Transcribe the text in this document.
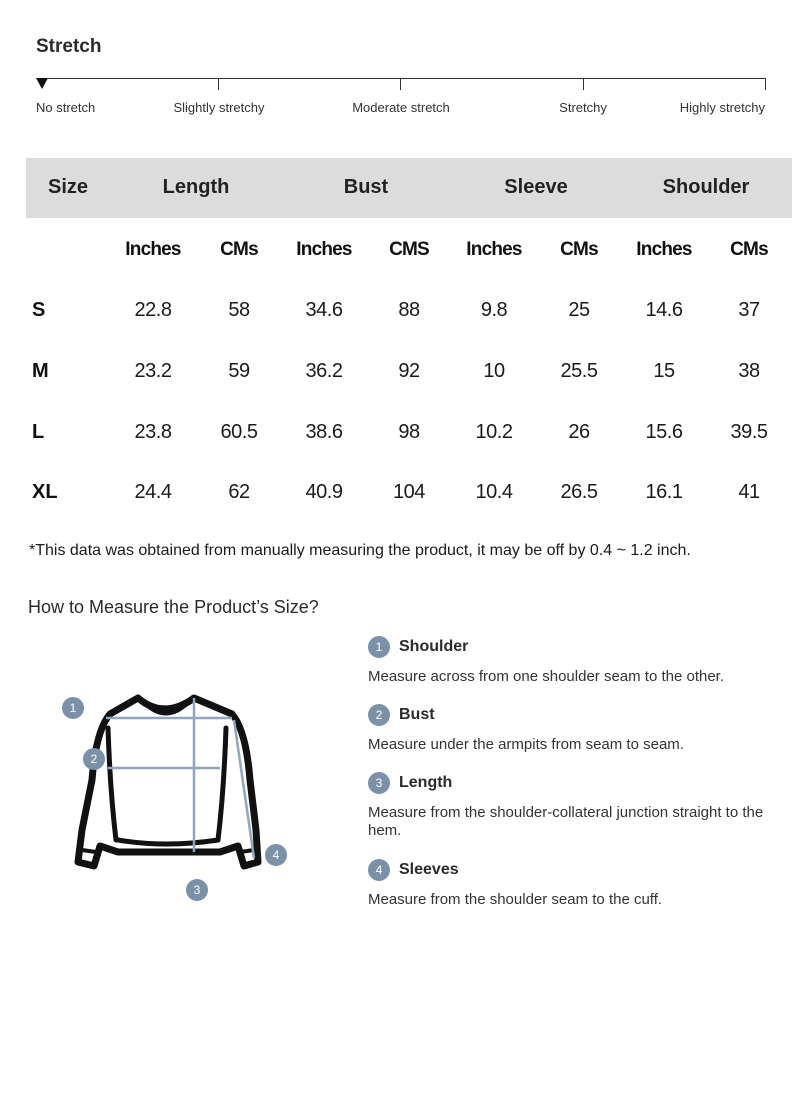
Stretch
No stretch	Slightly stretchy	Moderate stretch	Stretchy	Highly stretchy
Size	Length	Bust	Sleeve	Shoulder
Inches CMs Inches CMS Inches CMs Inches CMs
S	22.8	58	34.6	88	9.8	25	14.6	37
M	23.2	59	36.2	92	10	25.5	15	38
L	23.8 60.5 38.6	98	10.2	26	15.6 39.5
XL	24.4	62	40.9	104	10.4 26.5 16.1	41
*This data was obtained from manually measuring the product, it may be off by 0.4 ~ 1.2 inch.
How to Measure the Product’s Size?
1
2
3
4
1	Shoulder
Measure across from one shoulder seam to the other.
2	Bust
Measure under the armpits from seam to seam.
3	Length
Measure from the shoulder-collateral junction straight to the hem.
4	Sleeves
Measure from the shoulder seam to the cuff.
